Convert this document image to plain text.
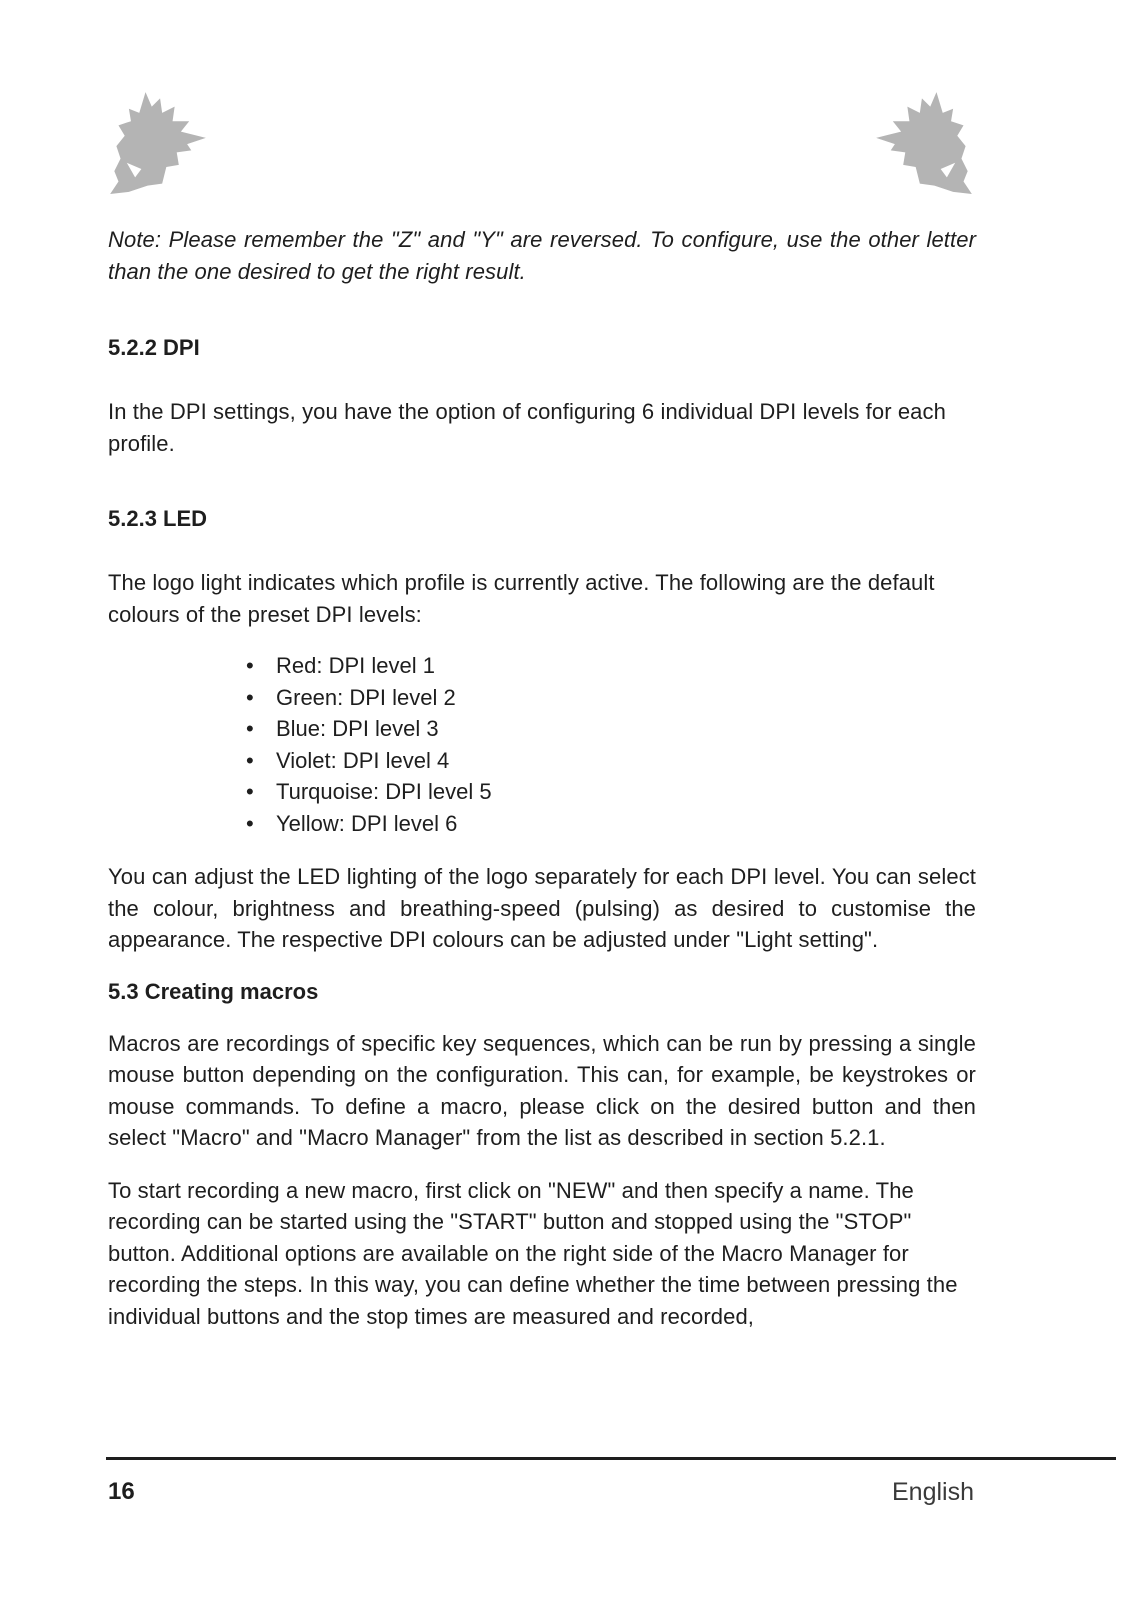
Note: Please remember the "Z" and "Y" are reversed. To configure, use the other letter than the one desired to get the right result.

5.2.2 DPI

In the DPI settings, you have the option of configuring 6 individual DPI levels for each profile.

5.2.3 LED

The logo light indicates which profile is currently active. The following are the default colours of the preset DPI levels:

• Red: DPI level 1
• Green: DPI level 2
• Blue: DPI level 3
• Violet: DPI level 4
• Turquoise: DPI level 5
• Yellow: DPI level 6

You can adjust the LED lighting of the logo separately for each DPI level. You can select the colour, brightness and breathing-speed (pulsing) as desired to customise the appearance. The respective DPI colours can be adjusted under "Light setting".

5.3 Creating macros

Macros are recordings of specific key sequences, which can be run by pressing a single mouse button depending on the configuration. This can, for example, be keystrokes or mouse commands. To define a macro, please click on the desired button and then select "Macro" and "Macro Manager" from the list as described in section 5.2.1.

To start recording a new macro, first click on "NEW" and then specify a name. The recording can be started using the "START" button and stopped using the "STOP" button. Additional options are available on the right side of the Macro Manager for recording the steps. In this way, you can define whether the time between pressing the individual buttons and the stop times are measured and recorded,

16	English
